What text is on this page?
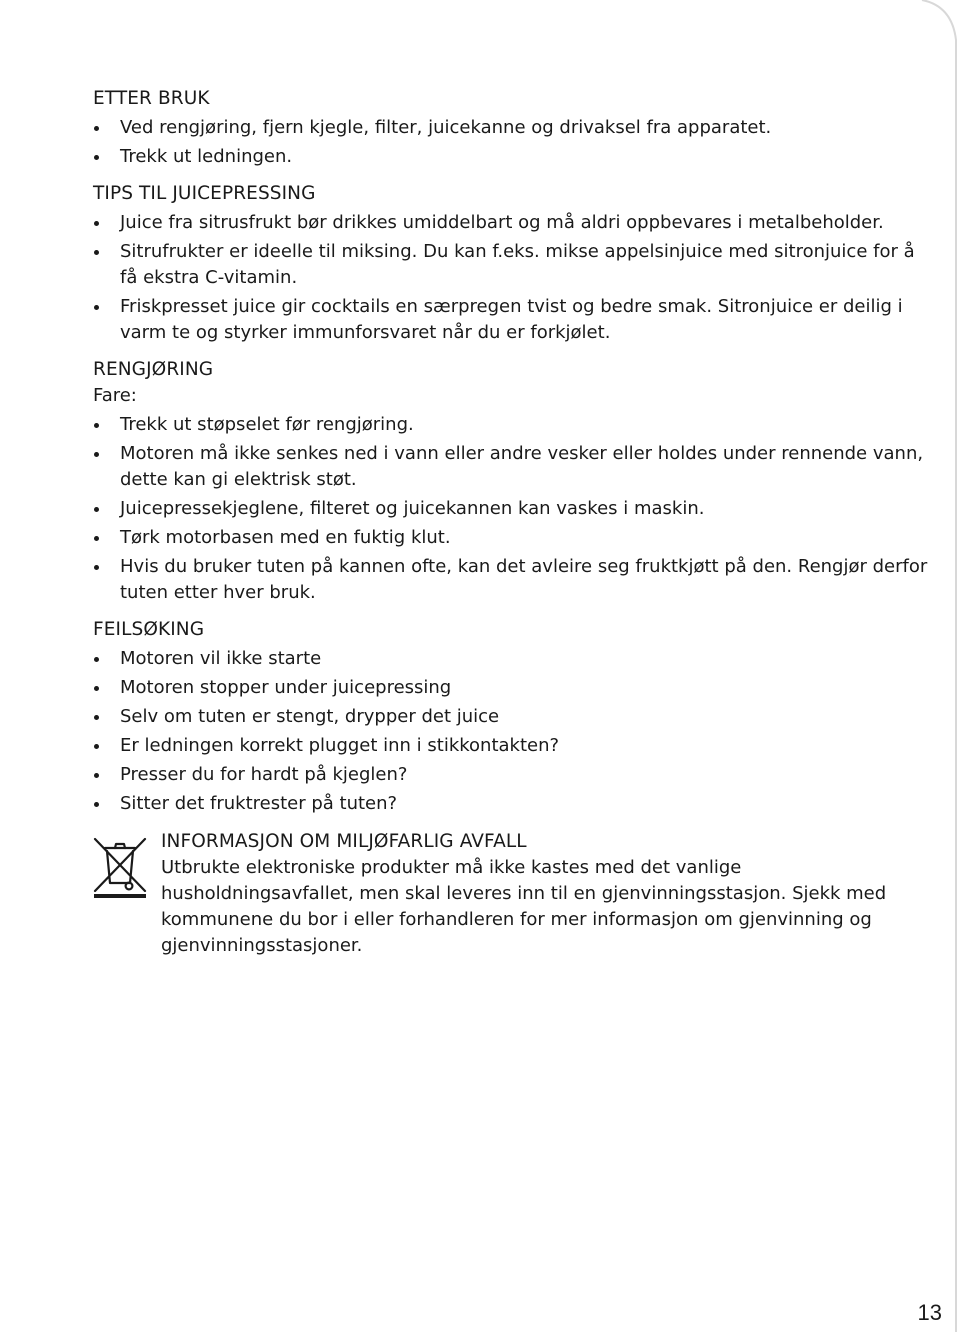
ETTER BRUK
Ved rengjøring, fjern kjegle, filter, juicekanne og drivaksel fra apparatet.
Trekk ut ledningen.
TIPS TIL JUICEPRESSING
Juice fra sitrusfrukt bør drikkes umiddelbart og må aldri oppbevares i metalbeholder.
Sitrufrukter er ideelle til miksing. Du kan f.eks. mikse appelsinjuice med sitronjuice for å få ekstra C-vitamin.
Friskpresset juice gir cocktails en særpregen tvist og bedre smak. Sitronjuice er deilig i varm te og styrker immunforsvaret når du er forkjølet.
RENGJØRING

Fare:

Trekk ut støpselet før rengjøring.
Motoren må ikke senkes ned i vann eller andre vesker eller holdes under rennende vann, dette kan gi elektrisk støt.
Juicepressekjeglene, filteret og juicekannen kan vaskes i maskin.
Tørk motorbasen med en fuktig klut.
Hvis du bruker tuten på kannen ofte, kan det avleire seg fruktkjøtt på den. Rengjør derfor tuten etter hver bruk.
FEILSØKING
Motoren vil ikke starte
Motoren stopper under juicepressing
Selv om tuten er stengt, drypper det juice
Er ledningen korrekt plugget inn i stikkontakten?
Presser du for hardt på kjeglen?
Sitter det fruktrester på tuten?
INFORMASJON OM MILJØFARLIG AVFALL

Utbrukte elektroniske produkter må ikke kastes med det vanlige husholdningsavfallet, men skal leveres inn til en gjenvinningsstasjon. Sjekk med kommunene du bor i eller forhandleren for mer informasjon om gjenvinning og gjenvinningsstasjoner.

13
